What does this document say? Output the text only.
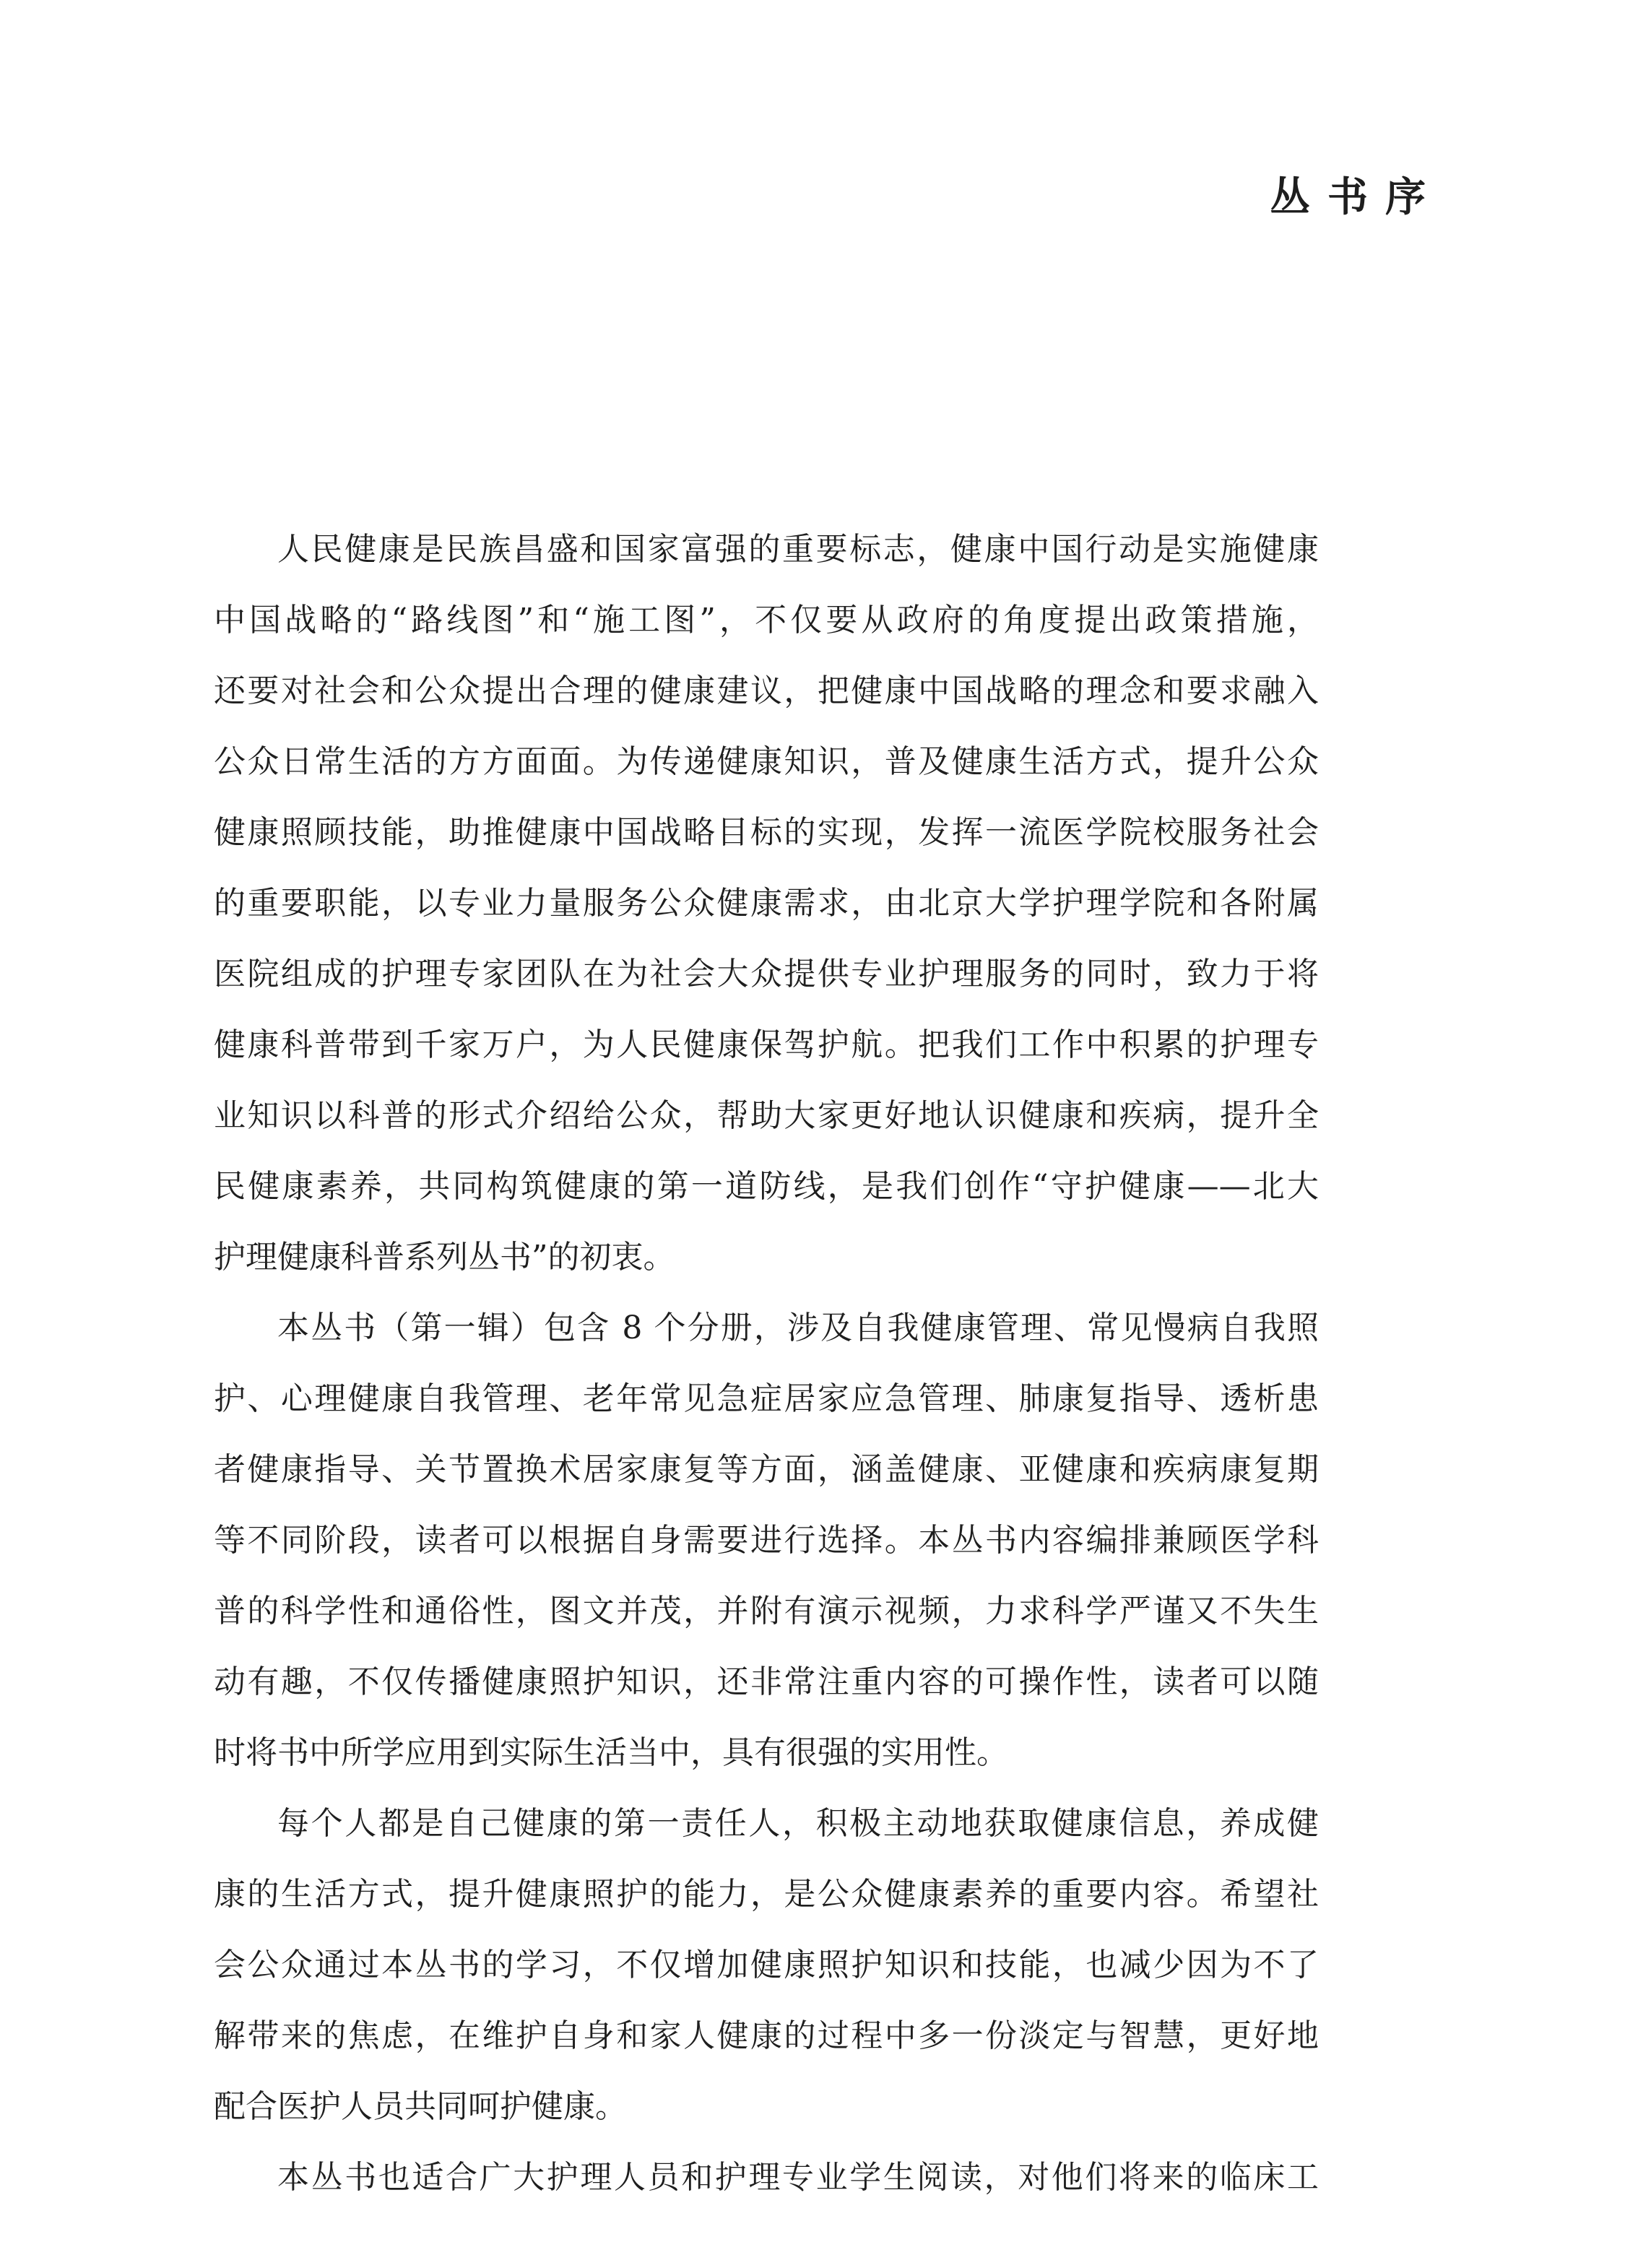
丛书序
人民健康是民族昌盛和国家富强的重要标志，健康中国行动是实施健康
中国战略的“路线图”和“施工图”，不仅要从政府的角度提出政策措施，
还要对社会和公众提出合理的健康建议，把健康中国战略的理念和要求融入
公众日常生活的方方面面。为传递健康知识，普及健康生活方式，提升公众
健康照顾技能，助推健康中国战略目标的实现，发挥一流医学院校服务社会
的重要职能，以专业力量服务公众健康需求，由北京大学护理学院和各附属
医院组成的护理专家团队在为社会大众提供专业护理服务的同时，致力于将
健康科普带到千家万户，为人民健康保驾护航。把我们工作中积累的护理专
业知识以科普的形式介绍给公众，帮助大家更好地认识健康和疾病，提升全
民健康素养，共同构筑健康的第一道防线，是我们创作“守护健康——北大
护理健康科普系列丛书”的初衷。
本丛书（第一辑）包含 8 个分册，涉及自我健康管理、常见慢病自我照
护、心理健康自我管理、老年常见急症居家应急管理、肺康复指导、透析患
者健康指导、关节置换术居家康复等方面，涵盖健康、亚健康和疾病康复期
等不同阶段，读者可以根据自身需要进行选择。本丛书内容编排兼顾医学科
普的科学性和通俗性，图文并茂，并附有演示视频，力求科学严谨又不失生
动有趣，不仅传播健康照护知识，还非常注重内容的可操作性，读者可以随
时将书中所学应用到实际生活当中，具有很强的实用性。
每个人都是自己健康的第一责任人，积极主动地获取健康信息，养成健
康的生活方式，提升健康照护的能力，是公众健康素养的重要内容。希望社
会公众通过本丛书的学习，不仅增加健康照护知识和技能，也减少因为不了
解带来的焦虑，在维护自身和家人健康的过程中多一份淡定与智慧，更好地
配合医护人员共同呵护健康。
本丛书也适合广大护理人员和护理专业学生阅读，对他们将来的临床工
